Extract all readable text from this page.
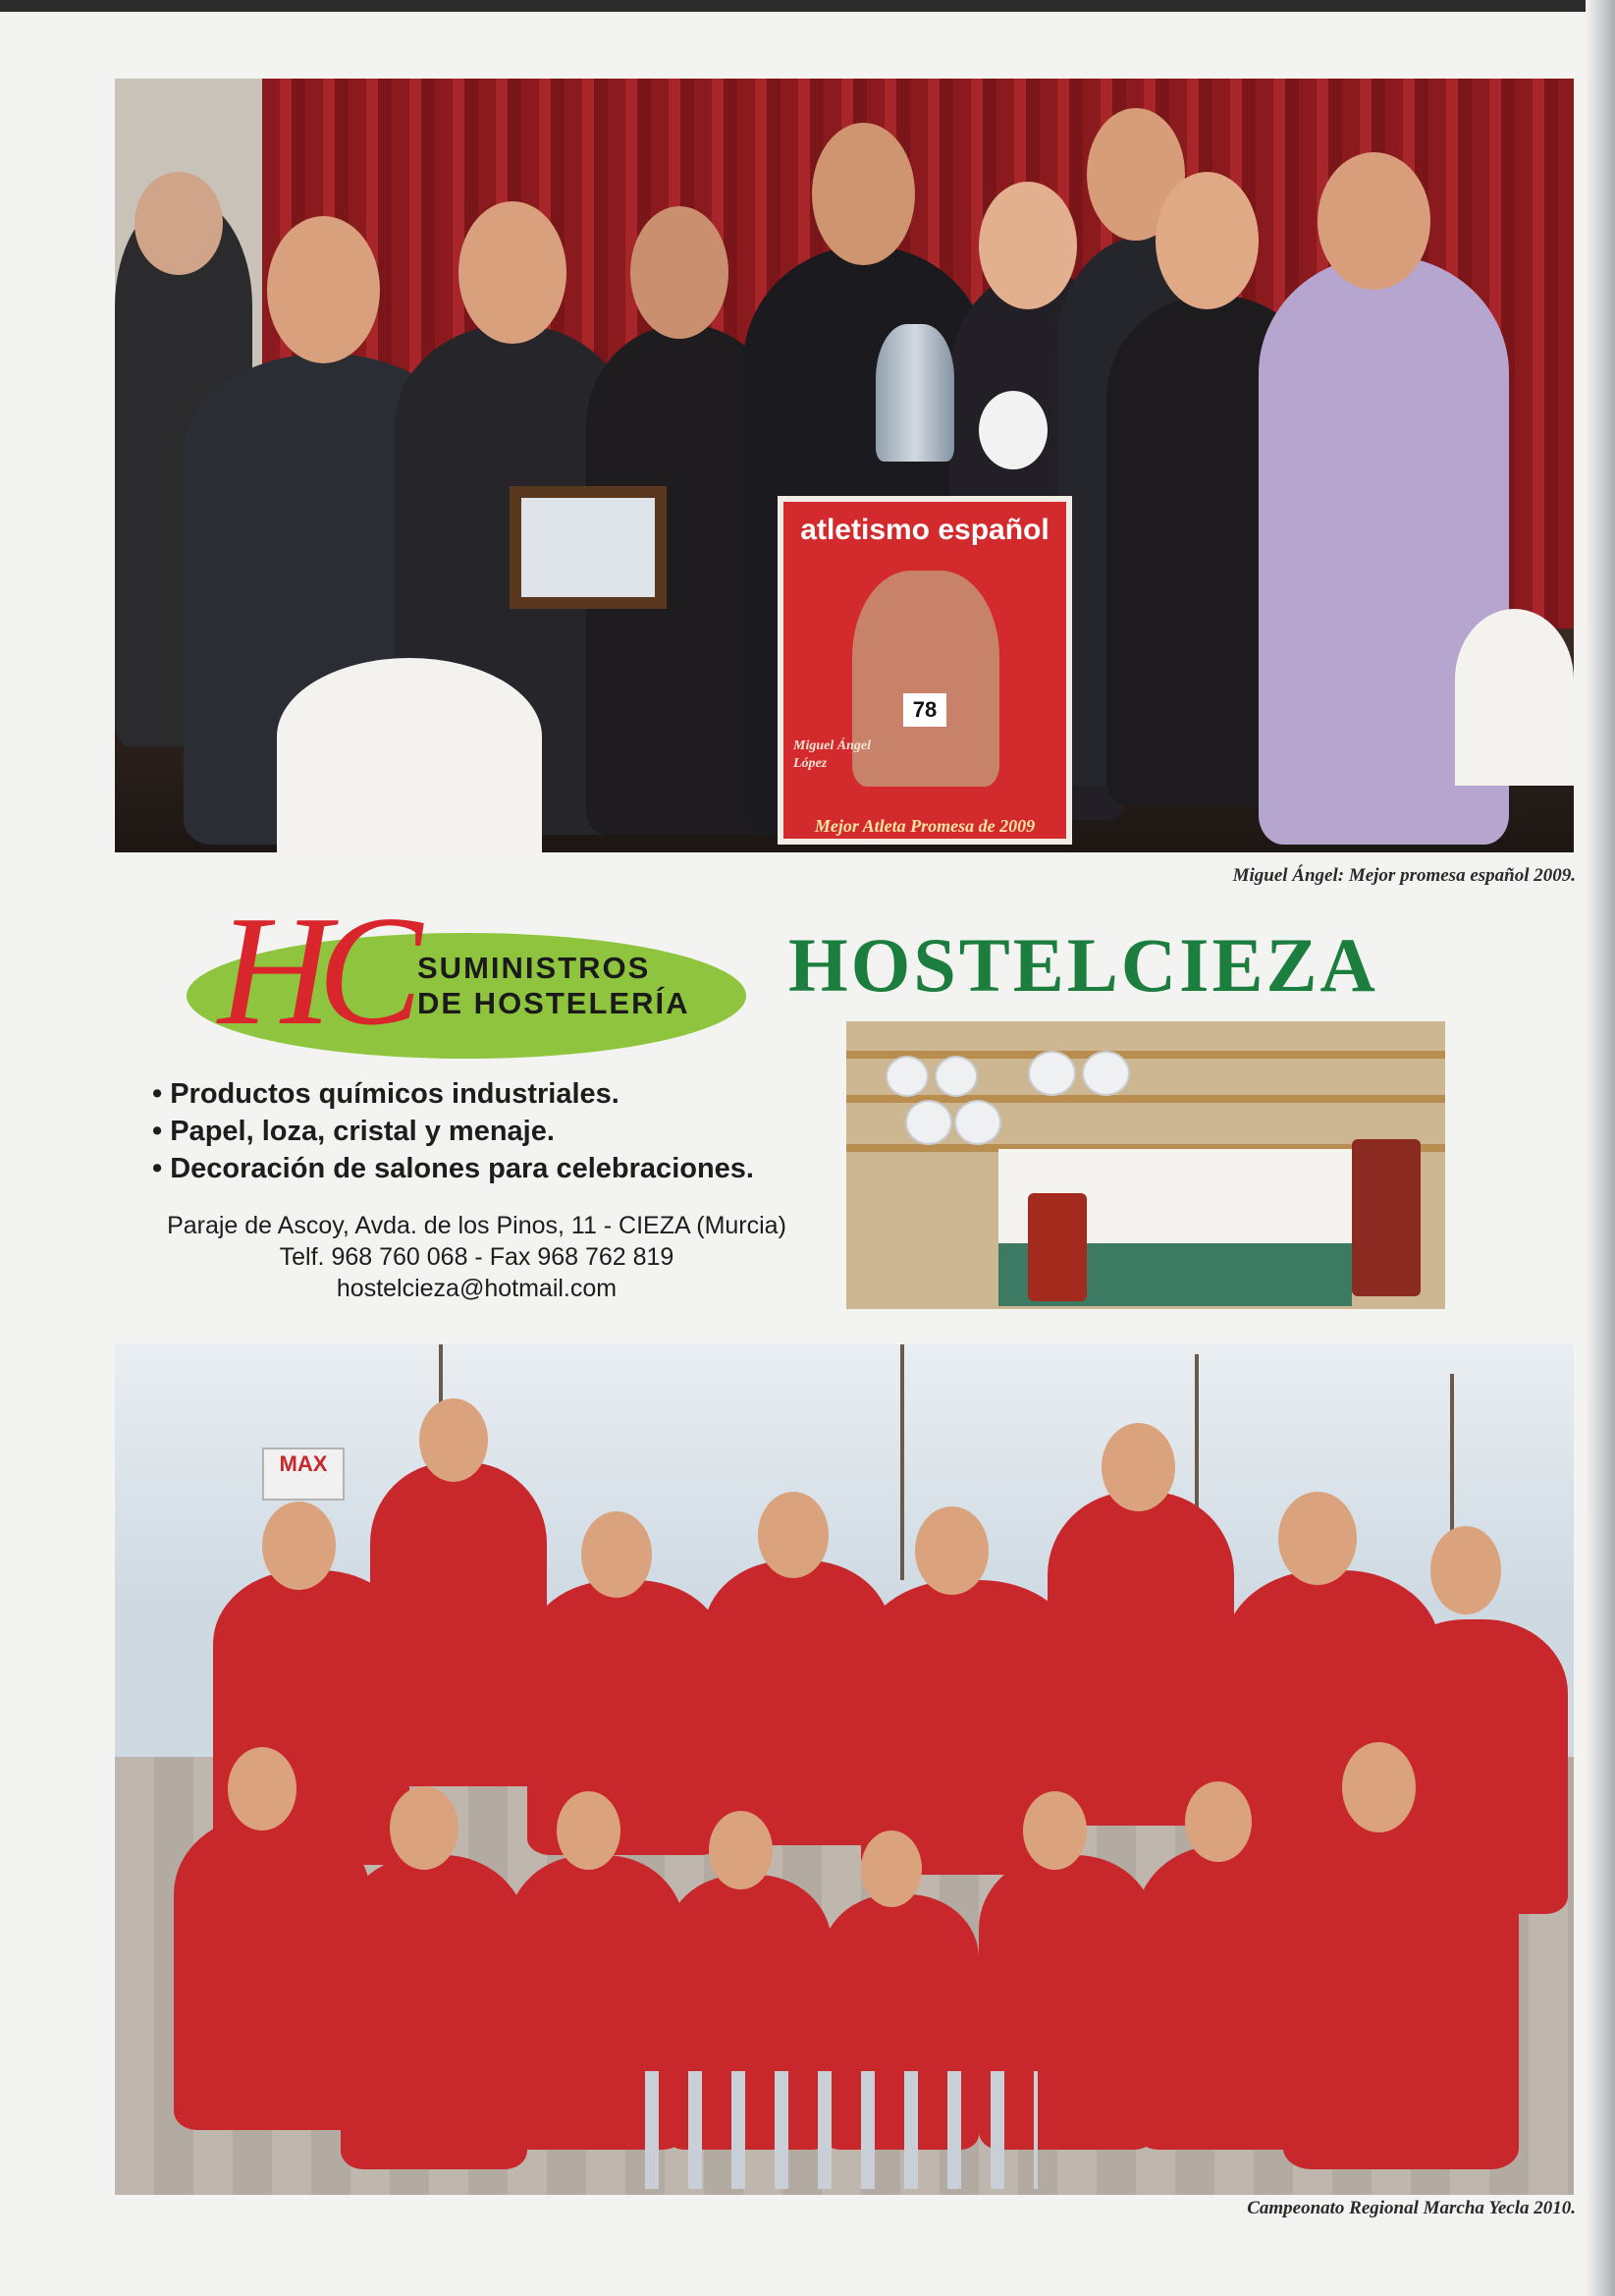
atletismo español
78
Miguel Ángel López
Mejor Atleta Promesa de 2009
Miguel Ángel: Mejor promesa español 2009.
HC SUMINISTROS
DE HOSTELERÍA HOSTELCIEZA
• Productos químicos industriales.
• Papel, loza, cristal y menaje.
• Decoración de salones para celebraciones.
Paraje de Ascoy, Avda. de los Pinos, 11 - CIEZA (Murcia)
Telf. 968 760 068 - Fax 968 762 819
hostelcieza@hotmail.com
MAX
Campeonato Regional Marcha Yecla 2010.
